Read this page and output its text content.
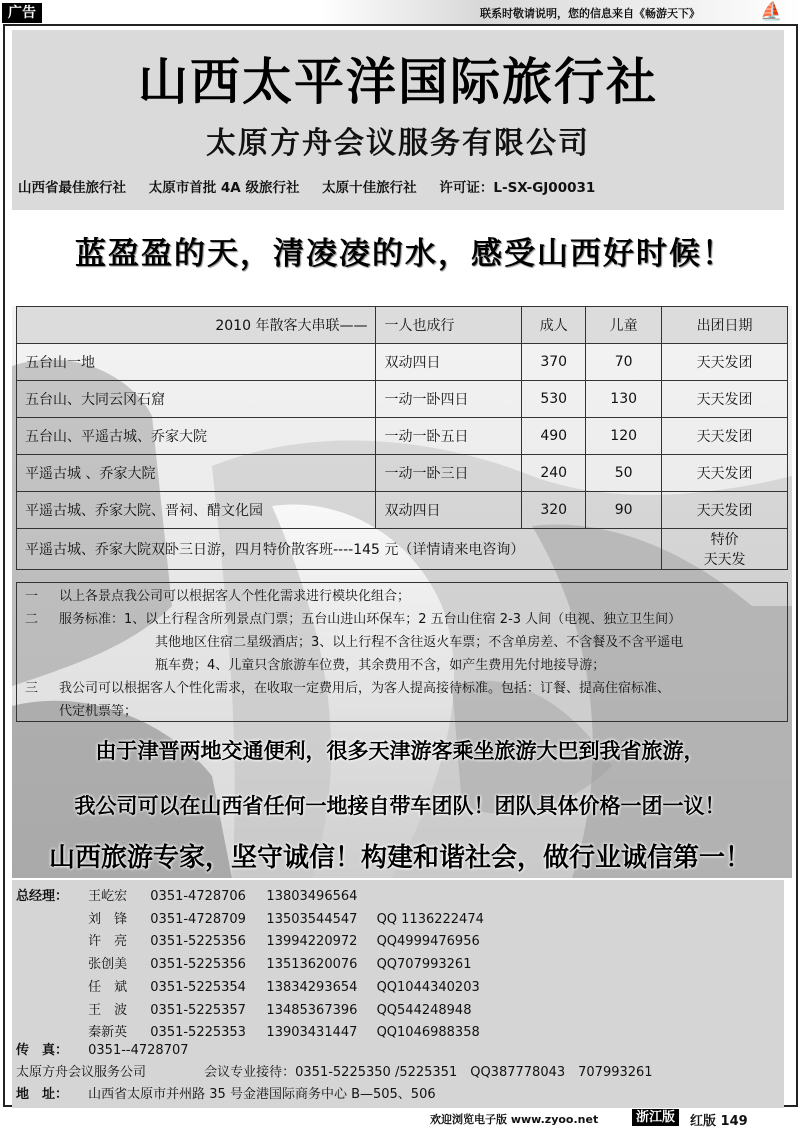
广告	联系时敬请说明，您的信息来自《畅游天下》	⛵
山西太平洋国际旅行社
太原方舟会议服务有限公司
山西省最佳旅行社 太原市首批 4A 级旅行社 太原十佳旅行社 许可证：L-SX-GJ00031
蓝盈盈的天，清凌凌的水，感受山西好时候！
2010 年散客大串联——	一人也成行	成人	儿童	出团日期
五台山一地	双动四日	370	70	天天发团
五台山、大同云冈石窟	一动一卧四日	530	130	天天发团
五台山、平遥古城、乔家大院	一动一卧五日	490	120	天天发团
平遥古城 、乔家大院	一动一卧三日	240	50	天天发团
平遥古城、乔家大院、晋祠、醋文化园	双动四日	320	90	天天发团
平遥古城、乔家大院双卧三日游，四月特价散客班----145 元（详情请来电咨询）				特价
天天发
一	以上各景点我公司可以根据客人个性化需求进行模块化组合；
二	服务标准：1、以上行程含所列景点门票；五台山进山环保车；2 五台山住宿 2-3 人间（电视、独立卫生间）
其他地区住宿二星级酒店；3、以上行程不含往返火车票；不含单房差、不含餐及不含平遥电
瓶车费；4、儿童只含旅游车位费，其余费用不含，如产生费用先付地接导游；
三	我公司可以根据客人个性化需求，在收取一定费用后，为客人提高接待标准。包括：订餐、提高住宿标准、
代定机票等；
由于津晋两地交通便利，很多天津游客乘坐旅游大巴到我省旅游，
我公司可以在山西省任何一地接自带车团队！团队具体价格一团一议！
山西旅游专家，坚守诚信！构建和谐社会，做行业诚信第一！
总经理： 王屹宏 0351-4728706 13803496564
刘　锋 0351-4728709 13503544547 QQ 1136222474
许　亮 0351-5225356 13994220972 QQ4999476956
张创美 0351-5225356 13513620076 QQ707993261
任　斌 0351-5225354 13834293654 QQ1044340203
王　波 0351-5225357 13485367396 QQ544248948
秦新英 0351-5225353 13903431447 QQ1046988358
传　真： 0351--4728707
太原方舟会议服务公司	会议专业接待：0351-5225350 /5225351　QQ387778043　707993261
地　址： 山西省太原市并州路 35 号金港国际商务中心 B—505、506
欢迎浏览电子版 www.zyoo.net	浙江版	红版 149
